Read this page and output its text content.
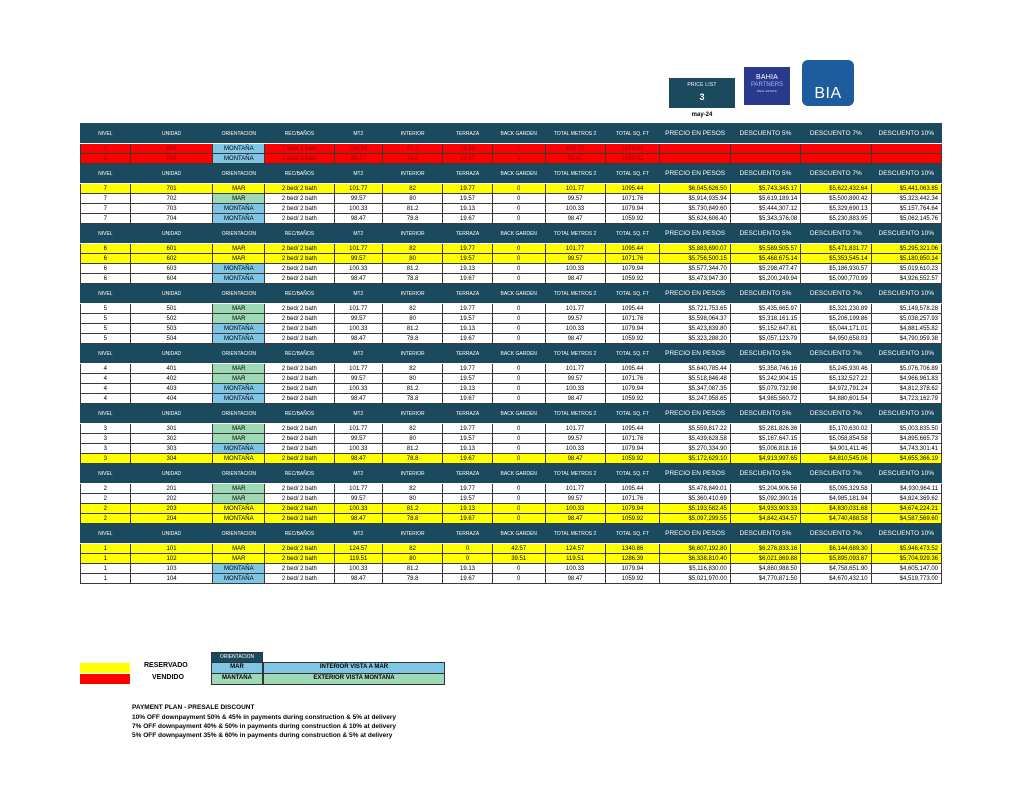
PRICE LIST
3
may-24
BAHIA
PARTNERS
REAL ESTATE	BIA
NIVEL	UNIDAD	ORIENTACION	REC/BAÑOS	MT2	INTERIOR	TERRAZA	BACK GARDEN	TOTAL METROS 2	TOTAL SQ. FT	PRECIO EN PESOS	DESCUENTO 5%	DESCUENTO 7%	DESCUENTO 10%
8	803	MONTAÑA	2 bed/ 2 bath	100.33	81.2	19.13	0	100.33	1079.94				
8	804	MONTAÑA	2 bed/ 2 bath	98.47	78.8	19.67	0	98.47	1059.92				
NIVEL	UNIDAD	ORIENTACION	REC/BAÑOS	MT2	INTERIOR	TERRAZA	BACK GARDEN	TOTAL METROS 2	TOTAL SQ. FT	PRECIO EN PESOS	DESCUENTO 5%	DESCUENTO 7%	DESCUENTO 10%
7	701	MAR	2 bed/ 2 bath	101.77	82	19.77	0	101.77	1095.44	$6,045,626.50	$5,743,345.17	$5,622,432.64	$5,441,063.85
7	702	MAR	2 bed/ 2 bath	99.57	80	19.57	0	99.57	1071.76	$5,914,935.94	$5,619,189.14	$5,500,890.42	$5,323,442.34
7	703	MONTAÑA	2 bed/ 2 bath	100.33	81.2	19.13	0	100.33	1079.94	$5,730,849.60	$5,444,307.12	$5,329,690.13	$5,157,764.64
7	704	MONTAÑA	2 bed/ 2 bath	98.47	78.8	19.67	0	98.47	1059.92	$5,624,606.40	$5,343,376.08	$5,230,883.95	$5,062,145.76
NIVEL	UNIDAD	ORIENTACION	REC/BAÑOS	MT2	INTERIOR	TERRAZA	BACK GARDEN	TOTAL METROS 2	TOTAL SQ. FT	PRECIO EN PESOS	DESCUENTO 5%	DESCUENTO 7%	DESCUENTO 10%
6	601	MAR	2 bed/ 2 bath	101.77	82	19.77	0	101.77	1095.44	$5,883,690.07	$5,589,505.57	$5,471,831.77	$5,295,321.06
6	602	MAR	2 bed/ 2 bath	99.57	80	19.57	0	99.57	1071.76	$5,756,500.15	$5,468,675.14	$5,353,545.14	$5,180,850.14
6	603	MONTAÑA	2 bed/ 2 bath	100.33	81.2	19.13	0	100.33	1079.94	$5,577,344.70	$5,298,477.47	$5,186,930.57	$5,019,610.23
6	604	MONTAÑA	2 bed/ 2 bath	98.47	78.8	19.67	0	98.47	1059.92	$5,473,947.30	$5,200,249.94	$5,090,770.99	$4,926,552.57
NIVEL	UNIDAD	ORIENTACION	REC/BAÑOS	MT2	INTERIOR	TERRAZA	BACK GARDEN	TOTAL METROS 2	TOTAL SQ. FT	PRECIO EN PESOS	DESCUENTO 5%	DESCUENTO 7%	DESCUENTO 10%
5	501	MAR	2 bed/ 2 bath	101.77	82	19.77	0	101.77	1095.44	$5,721,753.65	$5,435,665.97	$5,321,230.89	$5,149,578.28
5	502	MAR	2 bed/ 2 bath	99.57	80	19.57	0	99.57	1071.76	$5,598,064.37	$5,318,161.15	$5,206,199.86	$5,038,257.93
5	503	MONTAÑA	2 bed/ 2 bath	100.33	81.2	19.13	0	100.33	1079.94	$5,423,839.80	$5,152,647.81	$5,044,171.01	$4,881,455.82
5	504	MONTAÑA	2 bed/ 2 bath	98.47	78.8	19.67	0	98.47	1059.92	$5,323,288.20	$5,057,123.79	$4,950,658.03	$4,790,959.38
NIVEL	UNIDAD	ORIENTACION	REC/BAÑOS	MT2	INTERIOR	TERRAZA	BACK GARDEN	TOTAL METROS 2	TOTAL SQ. FT	PRECIO EN PESOS	DESCUENTO 5%	DESCUENTO 7%	DESCUENTO 10%
4	401	MAR	2 bed/ 2 bath	101.77	82	19.77	0	101.77	1095.44	$5,640,785.44	$5,358,746.16	$5,245,930.46	$5,076,706.89
4	402	MAR	2 bed/ 2 bath	99.57	80	19.57	0	99.57	1071.76	$5,518,846.48	$5,242,904.15	$5,132,527.22	$4,966,961.83
4	403	MONTAÑA	2 bed/ 2 bath	100.33	81.2	19.13	0	100.33	1079.94	$5,347,087.35	$5,079,732.98	$4,972,791.24	$4,812,378.62
4	404	MONTAÑA	2 bed/ 2 bath	98.47	78.8	19.67	0	98.47	1059.92	$5,247,958.65	$4,985,560.72	$4,880,601.54	$4,723,162.79
NIVEL	UNIDAD	ORIENTACION	REC/BAÑOS	MT2	INTERIOR	TERRAZA	BACK GARDEN	TOTAL METROS 2	TOTAL SQ. FT	PRECIO EN PESOS	DESCUENTO 5%	DESCUENTO 7%	DESCUENTO 10%
3	301	MAR	2 bed/ 2 bath	101.77	82	19.77	0	101.77	1095.44	$5,559,817.22	$5,281,826.36	$5,170,630.02	$5,003,835.50
3	302	MAR	2 bed/ 2 bath	99.57	80	19.57	0	99.57	1071.76	$5,439,628.58	$5,167,647.15	$5,058,854.58	$4,895,665.73
3	303	MONTAÑA	2 bed/ 2 bath	100.33	81.2	19.13	0	100.33	1079.94	$5,270,334.90	$5,006,818.16	$4,901,411.46	$4,743,301.41
3	304	MONTAÑA	2 bed/ 2 bath	98.47	78.8	19.67	0	98.47	1059.92	$5,172,629.10	$4,913,997.65	$4,810,545.06	$4,655,366.19
NIVEL	UNIDAD	ORIENTACION	REC/BAÑOS	MT2	INTERIOR	TERRAZA	BACK GARDEN	TOTAL METROS 2	TOTAL SQ. FT	PRECIO EN PESOS	DESCUENTO 5%	DESCUENTO 7%	DESCUENTO 10%
2	201	MAR	2 bed/ 2 bath	101.77	82	19.77	0	101.77	1095.44	$5,478,849.01	$5,204,906.56	$5,095,329.58	$4,930,964.11
2	202	MAR	2 bed/ 2 bath	99.57	80	19.57	0	99.57	1071.76	$5,360,410.69	$5,092,390.16	$4,985,181.94	$4,824,369.62
2	203	MONTAÑA	2 bed/ 2 bath	100.33	81.2	19.13	0	100.33	1079.94	$5,193,582.45	$4,933,903.33	$4,830,031.68	$4,674,224.21
2	204	MONTAÑA	2 bed/ 2 bath	98.47	78.8	19.67	0	98.47	1059.92	$5,097,299.55	$4,842,434.57	$4,740,488.58	$4,587,569.60
NIVEL	UNIDAD	ORIENTACION	REC/BAÑOS	MT2	INTERIOR	TERRAZA	BACK GARDEN	TOTAL METROS 2	TOTAL SQ. FT	PRECIO EN PESOS	DESCUENTO 5%	DESCUENTO 7%	DESCUENTO 10%
1	101	MAR	2 bed/ 2 bath	124.57	82	0	42.57	124.57	1340.86	$6,607,192.80	$6,276,833.16	$6,144,689.30	$5,946,473.52
1	102	MAR	2 bed/ 2 bath	119.51	80	0	39.51	119.51	1286.39	$6,338,810.40	$6,021,869.88	$5,895,093.67	$5,704,929.36
1	103	MONTAÑA	2 bed/ 2 bath	100.33	81.2	19.13	0	100.33	1079.94	$5,116,830.00	$4,860,988.50	$4,758,651.90	$4,605,147.00
1	104	MONTAÑA	2 bed/ 2 bath	98.47	78.8	19.67	0	98.47	1059.92	$5,021,970.00	$4,770,871.50	$4,670,432.10	$4,519,773.00
RESERVADO
VENDIDO
ORIENTACION
MAR
MANTAÑA
INTERIOR VISTA A MAR
EXTERIOR VISTA MONTAÑA
PAYMENT PLAN - PRESALE DISCOUNT
10% OFF downpayment 50% & 45% in payments during construction & 5% at delivery
7% OFF downpayment 40% & 50% in payments during construction & 10% at delivery
5% OFF downpayment 35% & 60% in payments during construction & 5% at delivery
